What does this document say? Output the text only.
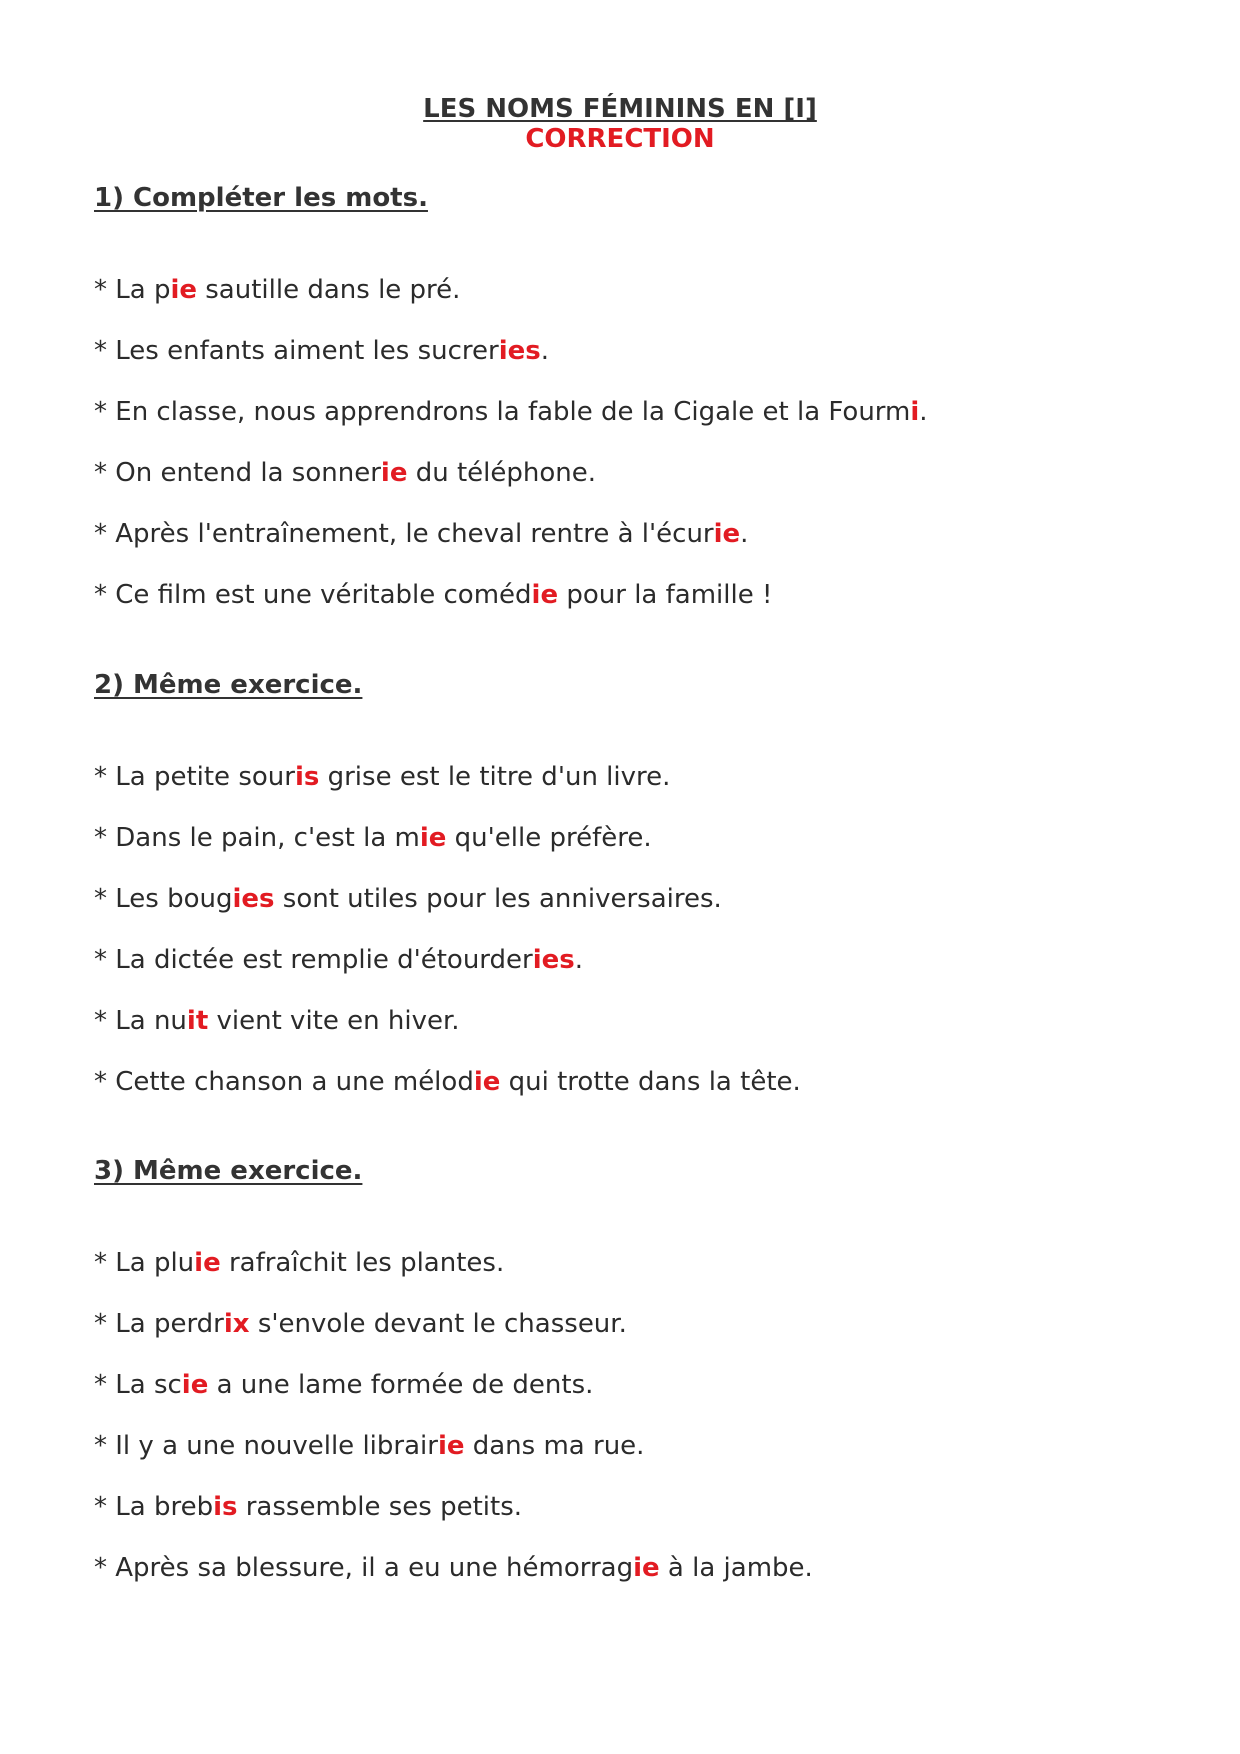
LES NOMS FÉMININS EN [I]
CORRECTION
1) Compléter les mots.
* La pie sautille dans le pré.
* Les enfants aiment les sucreries.
* En classe, nous apprendrons la fable de la Cigale et la Fourmi.
* On entend la sonnerie du téléphone.
* Après l'entraînement, le cheval rentre à l'écurie.
* Ce film est une véritable comédie pour la famille !
2) Même exercice.
* La petite souris grise est le titre d'un livre.
* Dans le pain, c'est la mie qu'elle préfère.
* Les bougies sont utiles pour les anniversaires.
* La dictée est remplie d'étourderies.
* La nuit vient vite en hiver.
* Cette chanson a une mélodie qui trotte dans la tête.
3) Même exercice.
* La pluie rafraîchit les plantes.
* La perdrix s'envole devant le chasseur.
* La scie a une lame formée de dents.
* Il y a une nouvelle librairie dans ma rue.
* La brebis rassemble ses petits.
* Après sa blessure, il a eu une hémorragie à la jambe.
